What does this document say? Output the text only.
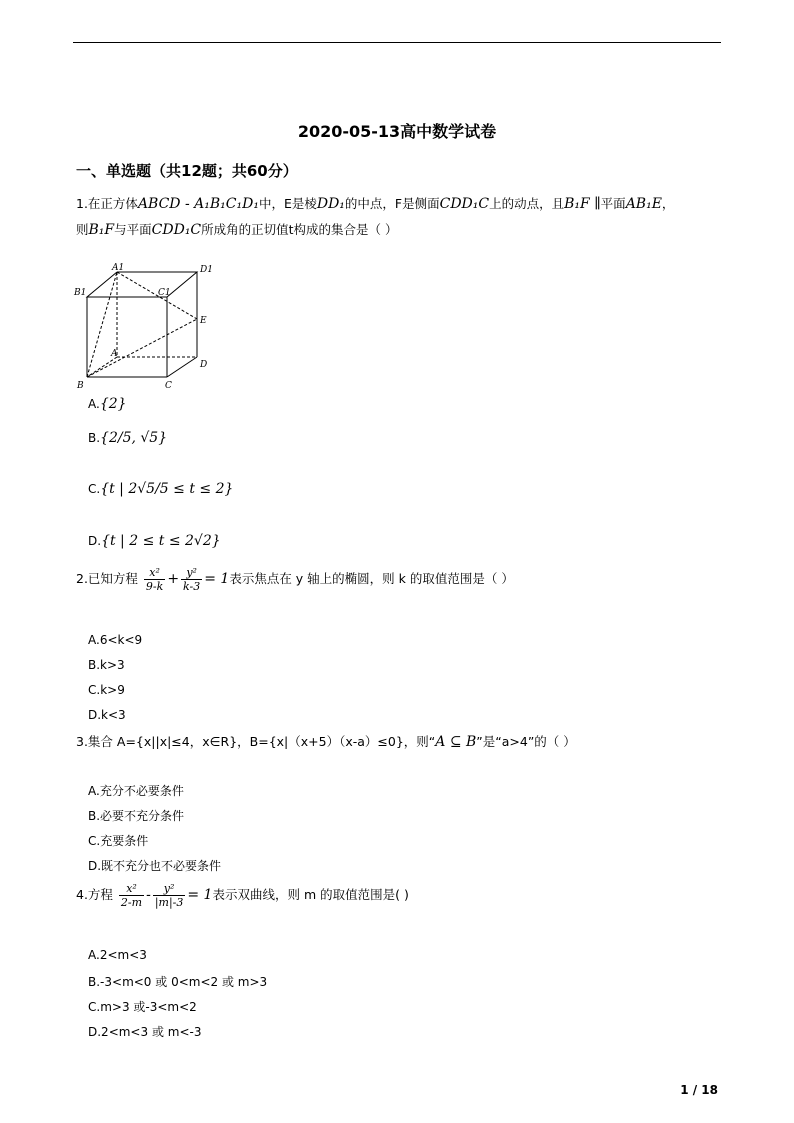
2020-05-13高中数学试卷
一、单选题（共12题；共60分）
1.在正方体ABCD - A₁B₁C₁D₁中，E是棱DD₁的中点，F是侧面CDD₁C上的动点，且B₁F ∥平面AB₁E，
则B₁F与平面CDD₁C所成角的正切值t构成的集合是（ ）
A1	D1
B1	C1
E
A
D
B	C
A.{2}
B.{2/5, √5}
C.{t | 2√5/5 ≤ t ≤ 2}
D.{t | 2 ≤ t ≤ 2√2}
2.已知方程 $\frac{\text{x²}}{9-k} + \frac{\text{y²}}{k-3} = 1$表示焦点在 y 轴上的椭圆，则 k 的取值范围是（ ）
A.6<k<9
B.k>3
C.k>9
D.k<3
3.集合 A={x||x|≤4，x∈R}，B={x|（x+5）（x-a）≤0}，则“A ⊆ B”是“a>4”的（ ）
A.充分不必要条件
B.必要不充分条件
C.充要条件
D.既不充分也不必要条件
4.方程 $\frac{\text{x²}}{2-m} - \frac{\text{y²}}{|m|-3} = 1$表示双曲线，则 m 的取值范围是( )
A.2<m<3
B.-3<m<0 或 0<m<2 或 m>3
C.m>3 或-3<m<2
D.2<m<3 或 m<-3
1 / 18
